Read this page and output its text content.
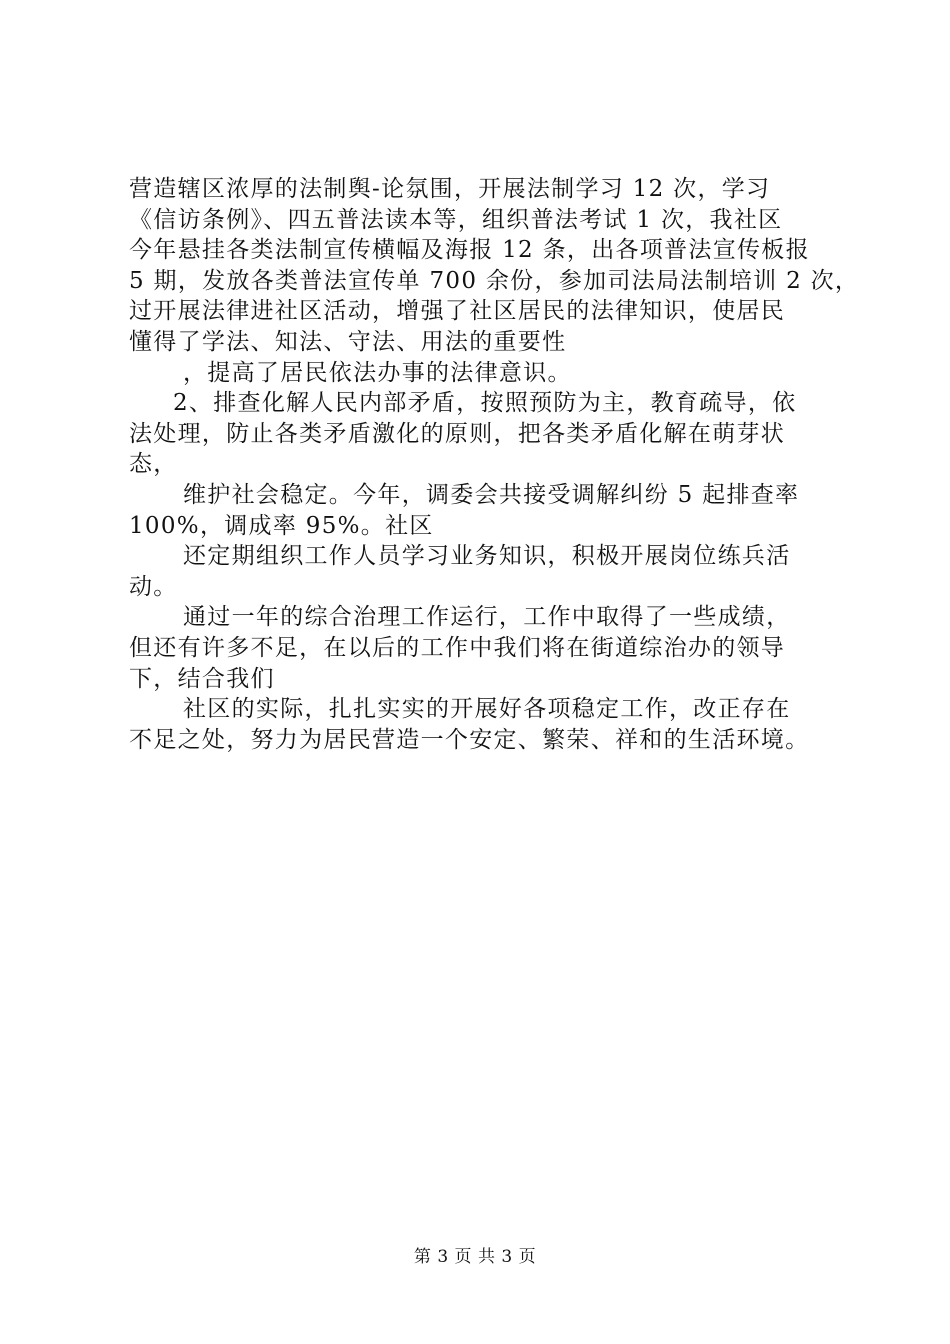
营造辖区浓厚的法制舆-论氛围，开展法制学习 12 次，学习
《信访条例》、四五普法读本等，组织普法考试 1 次，我社区
今年悬挂各类法制宣传横幅及海报 12 条，出各项普法宣传板报
5 期，发放各类普法宣传单 700 余份，参加司法局法制培训 2 次，
过开展法律进社区活动，增强了社区居民的法律知识，使居民
懂得了学法、知法、守法、用法的重要性
，提高了居民依法办事的法律意识。
2、排查化解人民内部矛盾，按照预防为主，教育疏导，依
法处理，防止各类矛盾激化的原则，把各类矛盾化解在萌芽状
态，
维护社会稳定。今年，调委会共接受调解纠纷 5 起排查率
100%，调成率 95%。社区
还定期组织工作人员学习业务知识，积极开展岗位练兵活
动。
通过一年的综合治理工作运行，工作中取得了一些成绩，
但还有许多不足，在以后的工作中我们将在街道综治办的领导
下，结合我们
社区的实际，扎扎实实的开展好各项稳定工作，改正存在
不足之处，努力为居民营造一个安定、繁荣、祥和的生活环境。
第 3 页 共 3 页
